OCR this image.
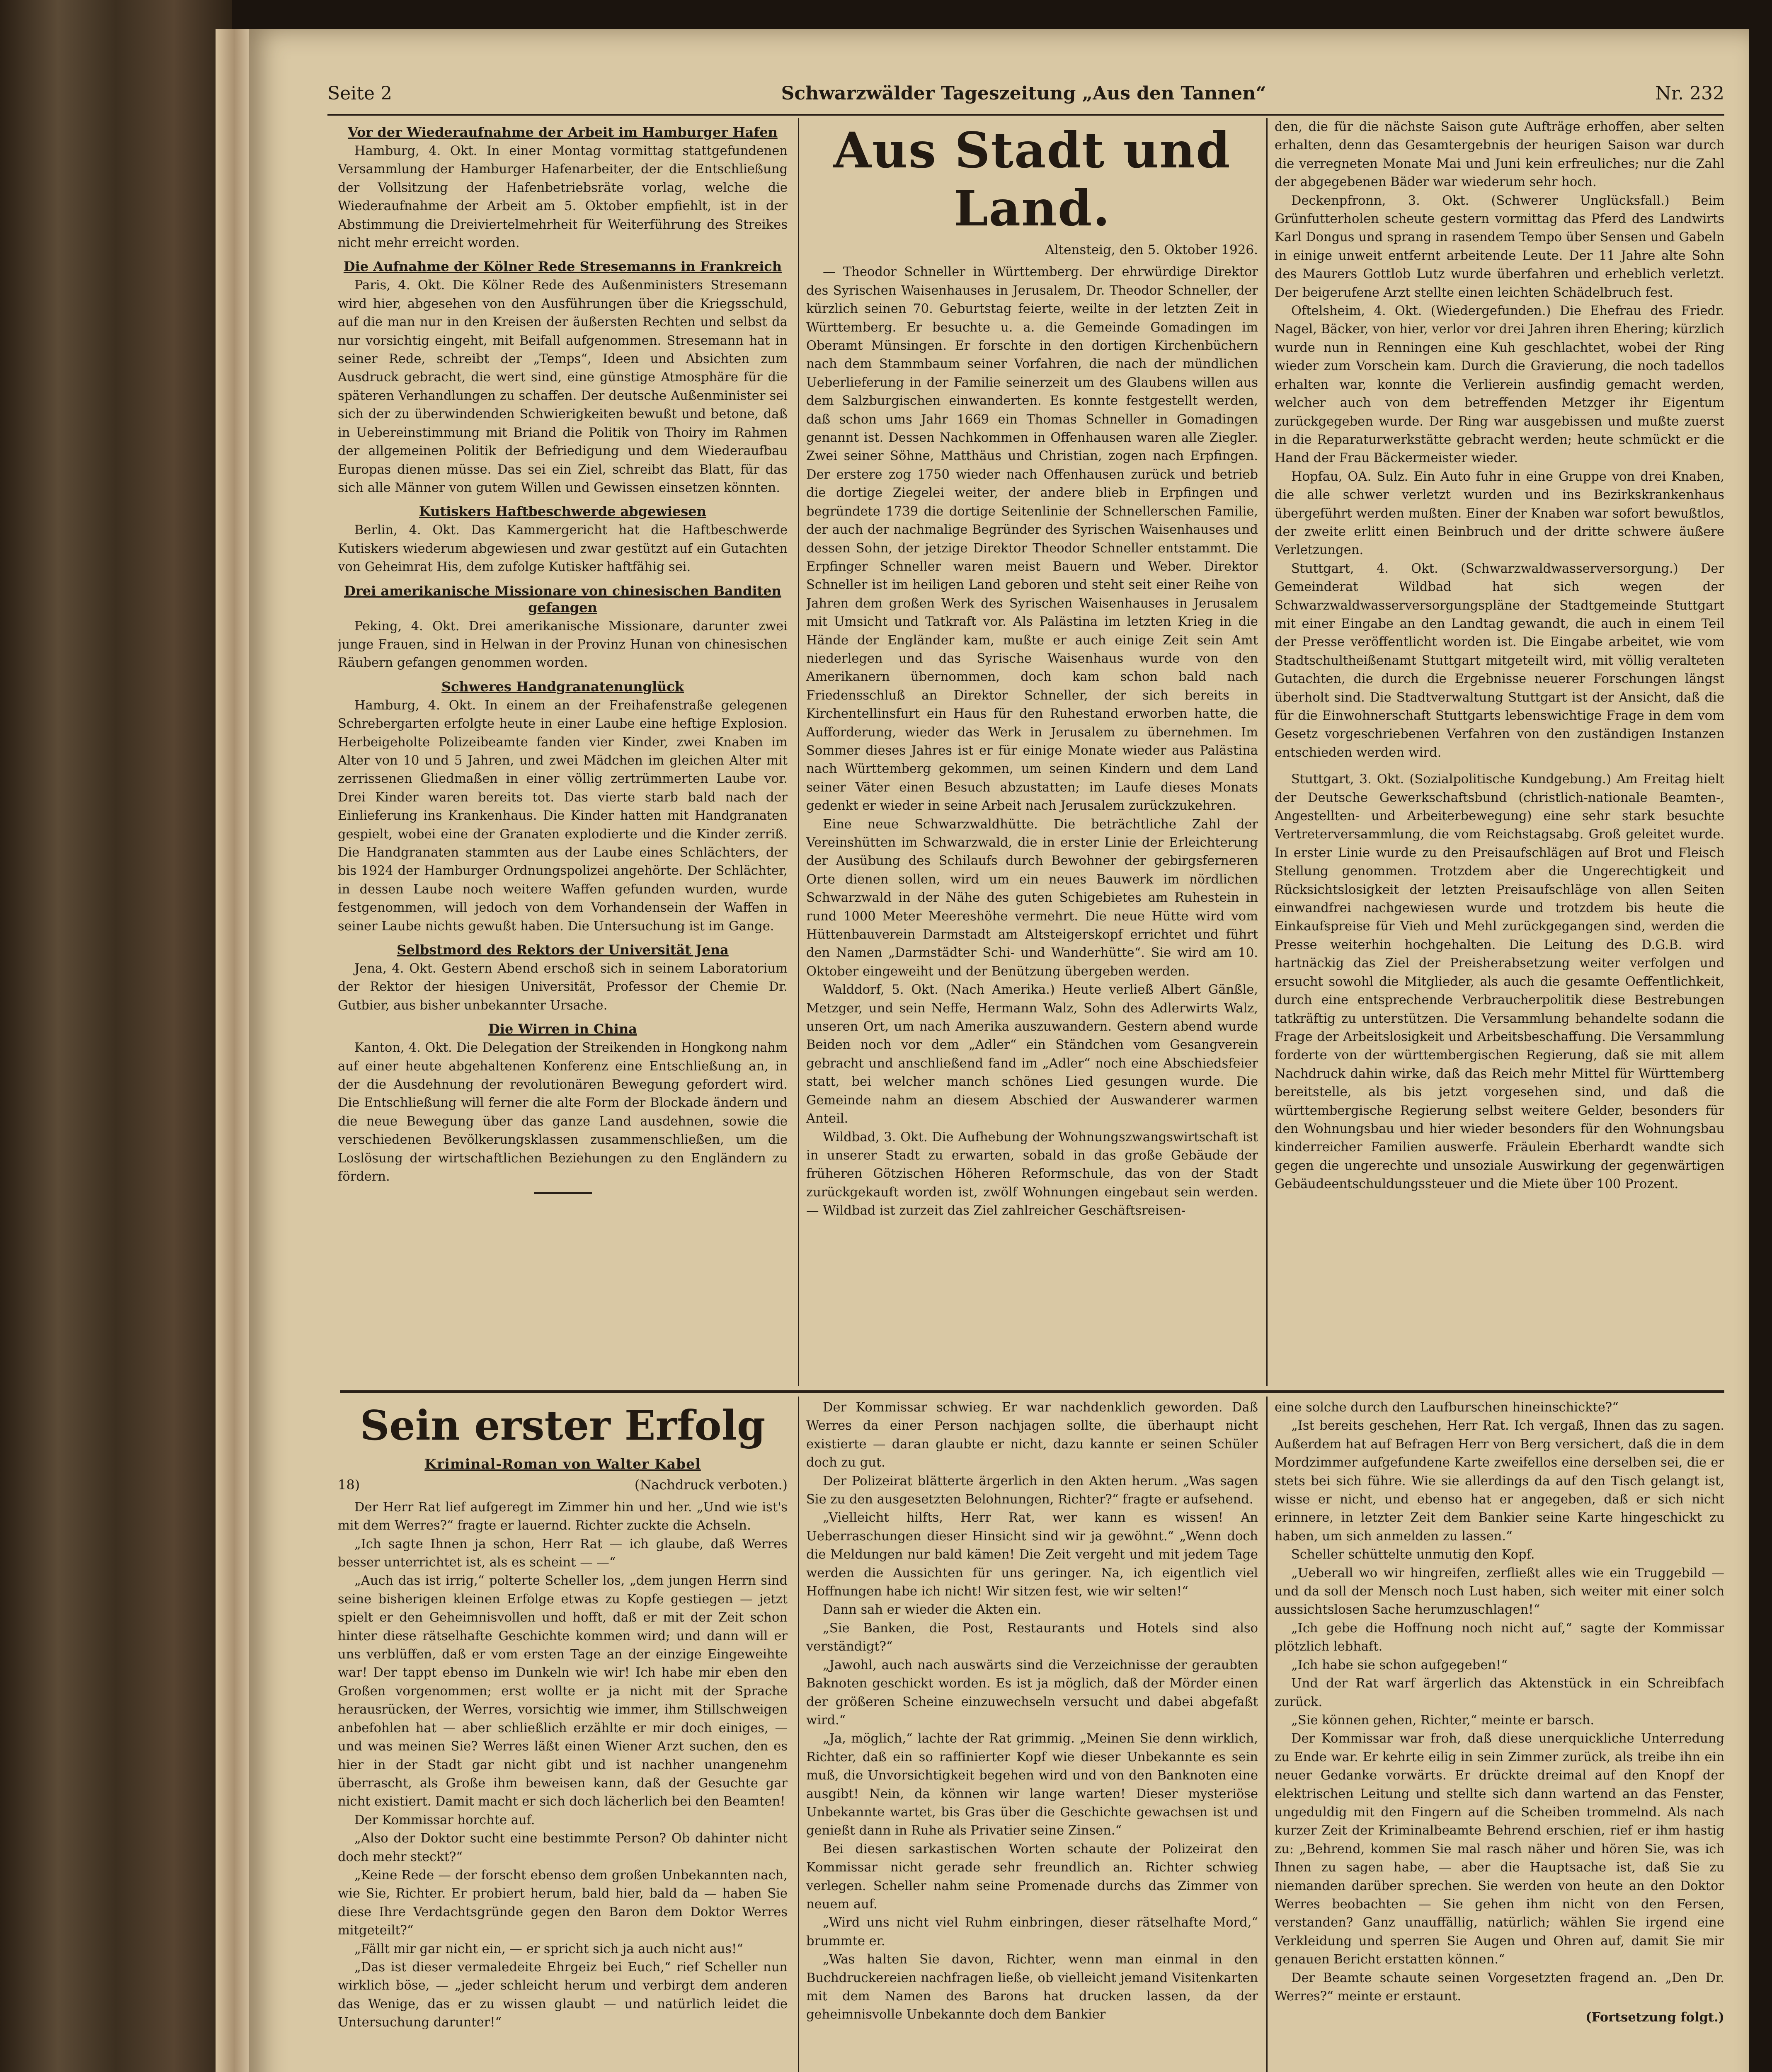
Seite 2	Schwarzwälder Tageszeitung „Aus den Tannen“	Nr. 232
Vor der Wiederaufnahme der Arbeit im Hamburger Hafen

Hamburg, 4. Okt. In einer Montag vormittag stattgefundenen Versammlung der Hamburger Hafenarbeiter, der die Entschließung der Vollsitzung der Hafenbetriebsräte vorlag, welche die Wiederaufnahme der Arbeit am 5. Oktober empfiehlt, ist in der Abstimmung die Dreiviertelmehrheit für Weiterführung des Streikes nicht mehr erreicht worden.

Die Aufnahme der Kölner Rede Stresemanns in Frankreich

Paris, 4. Okt. Die Kölner Rede des Außenministers Stresemann wird hier, abgesehen von den Ausführungen über die Kriegsschuld, auf die man nur in den Kreisen der äußersten Rechten und selbst da nur vorsichtig eingeht, mit Beifall aufgenommen. Stresemann hat in seiner Rede, schreibt der „Temps“, Ideen und Absichten zum Ausdruck gebracht, die wert sind, eine günstige Atmosphäre für die späteren Verhandlungen zu schaffen. Der deutsche Außenminister sei sich der zu überwindenden Schwierigkeiten bewußt und betone, daß in Uebereinstimmung mit Briand die Politik von Thoiry im Rahmen der allgemeinen Politik der Befriedigung und dem Wiederaufbau Europas dienen müsse. Das sei ein Ziel, schreibt das Blatt, für das sich alle Männer von gutem Willen und Gewissen einsetzen könnten.

Kutiskers Haftbeschwerde abgewiesen

Berlin, 4. Okt. Das Kammergericht hat die Haftbeschwerde Kutiskers wiederum abgewiesen und zwar gestützt auf ein Gutachten von Geheimrat His, dem zufolge Kutisker haftfähig sei.

Drei amerikanische Missionare von chinesischen Banditen gefangen

Peking, 4. Okt. Drei amerikanische Missionare, darunter zwei junge Frauen, sind in Helwan in der Provinz Hunan von chinesischen Räubern gefangen genommen worden.

Schweres Handgranatenunglück

Hamburg, 4. Okt. In einem an der Freihafenstraße gelegenen Schrebergarten erfolgte heute in einer Laube eine heftige Explosion. Herbeigeholte Polizeibeamte fanden vier Kinder, zwei Knaben im Alter von 10 und 5 Jahren, und zwei Mädchen im gleichen Alter mit zerrissenen Gliedmaßen in einer völlig zertrümmerten Laube vor. Drei Kinder waren bereits tot. Das vierte starb bald nach der Einlieferung ins Krankenhaus. Die Kinder hatten mit Handgranaten gespielt, wobei eine der Granaten explodierte und die Kinder zerriß. Die Handgranaten stammten aus der Laube eines Schlächters, der bis 1924 der Hamburger Ordnungspolizei angehörte. Der Schlächter, in dessen Laube noch weitere Waffen gefunden wurden, wurde festgenommen, will jedoch von dem Vorhandensein der Waffen in seiner Laube nichts gewußt haben. Die Untersuchung ist im Gange.

Selbstmord des Rektors der Universität Jena

Jena, 4. Okt. Gestern Abend erschoß sich in seinem Laboratorium der Rektor der hiesigen Universität, Professor der Chemie Dr. Gutbier, aus bisher unbekannter Ursache.

Die Wirren in China

Kanton, 4. Okt. Die Delegation der Streikenden in Hongkong nahm auf einer heute abgehaltenen Konferenz eine Entschließung an, in der die Ausdehnung der revolutionären Bewegung gefordert wird. Die Entschließung will ferner die alte Form der Blockade ändern und die neue Bewegung über das ganze Land ausdehnen, sowie die verschiedenen Bevölkerungsklassen zusammenschließen, um die Loslösung der wirtschaftlichen Beziehungen zu den Engländern zu fördern.

Aus Stadt und Land.
Altensteig, den 5. Oktober 1926.

— Theodor Schneller in Württemberg. Der ehrwürdige Direktor des Syrischen Waisenhauses in Jerusalem, Dr. Theodor Schneller, der kürzlich seinen 70. Geburtstag feierte, weilte in der letzten Zeit in Württemberg. Er besuchte u. a. die Gemeinde Gomadingen im Oberamt Münsingen. Er forschte in den dortigen Kirchenbüchern nach dem Stammbaum seiner Vorfahren, die nach der mündlichen Ueberlieferung in der Familie seinerzeit um des Glaubens willen aus dem Salzburgischen einwanderten. Es konnte festgestellt werden, daß schon ums Jahr 1669 ein Thomas Schneller in Gomadingen genannt ist. Dessen Nachkommen in Offenhausen waren alle Ziegler. Zwei seiner Söhne, Matthäus und Christian, zogen nach Erpfingen. Der erstere zog 1750 wieder nach Offenhausen zurück und betrieb die dortige Ziegelei weiter, der andere blieb in Erpfingen und begründete 1739 die dortige Seitenlinie der Schnellerschen Familie, der auch der nachmalige Begründer des Syrischen Waisenhauses und dessen Sohn, der jetzige Direktor Theodor Schneller entstammt. Die Erpfinger Schneller waren meist Bauern und Weber. Direktor Schneller ist im heiligen Land geboren und steht seit einer Reihe von Jahren dem großen Werk des Syrischen Waisenhauses in Jerusalem mit Umsicht und Tatkraft vor. Als Palästina im letzten Krieg in die Hände der Engländer kam, mußte er auch einige Zeit sein Amt niederlegen und das Syrische Waisenhaus wurde von den Amerikanern übernommen, doch kam schon bald nach Friedensschluß an Direktor Schneller, der sich bereits in Kirchentellinsfurt ein Haus für den Ruhestand erworben hatte, die Aufforderung, wieder das Werk in Jerusalem zu übernehmen. Im Sommer dieses Jahres ist er für einige Monate wieder aus Palästina nach Württemberg gekommen, um seinen Kindern und dem Land seiner Väter einen Besuch abzustatten; im Laufe dieses Monats gedenkt er wieder in seine Arbeit nach Jerusalem zurückzukehren.

Eine neue Schwarzwaldhütte. Die beträchtliche Zahl der Vereinshütten im Schwarzwald, die in erster Linie der Erleichterung der Ausübung des Schilaufs durch Bewohner der gebirgsferneren Orte dienen sollen, wird um ein neues Bauwerk im nördlichen Schwarzwald in der Nähe des guten Schigebietes am Ruhestein in rund 1000 Meter Meereshöhe vermehrt. Die neue Hütte wird vom Hüttenbauverein Darmstadt am Altsteigerskopf errichtet und führt den Namen „Darmstädter Schi- und Wanderhütte“. Sie wird am 10. Oktober eingeweiht und der Benützung übergeben werden.

Walddorf, 5. Okt. (Nach Amerika.) Heute verließ Albert Gänßle, Metzger, und sein Neffe, Hermann Walz, Sohn des Adlerwirts Walz, unseren Ort, um nach Amerika auszuwandern. Gestern abend wurde Beiden noch vor dem „Adler“ ein Ständchen vom Gesangverein gebracht und anschließend fand im „Adler“ noch eine Abschiedsfeier statt, bei welcher manch schönes Lied gesungen wurde. Die Gemeinde nahm an diesem Abschied der Auswanderer warmen Anteil.

Wildbad, 3. Okt. Die Aufhebung der Wohnungszwangswirtschaft ist in unserer Stadt zu erwarten, sobald in das große Gebäude der früheren Götzischen Höheren Reformschule, das von der Stadt zurückgekauft worden ist, zwölf Wohnungen eingebaut sein werden. — Wildbad ist zurzeit das Ziel zahlreicher Geschäftsreisen-

den, die für die nächste Saison gute Aufträge erhoffen, aber selten erhalten, denn das Gesamtergebnis der heurigen Saison war durch die verregneten Monate Mai und Juni kein erfreuliches; nur die Zahl der abgegebenen Bäder war wiederum sehr hoch.

Deckenpfronn, 3. Okt. (Schwerer Unglücksfall.) Beim Grünfutterholen scheute gestern vormittag das Pferd des Landwirts Karl Dongus und sprang in rasendem Tempo über Sensen und Gabeln in einige unweit entfernt arbeitende Leute. Der 11 Jahre alte Sohn des Maurers Gottlob Lutz wurde überfahren und erheblich verletzt. Der beigerufene Arzt stellte einen leichten Schädelbruch fest.

Oftelsheim, 4. Okt. (Wiedergefunden.) Die Ehefrau des Friedr. Nagel, Bäcker, von hier, verlor vor drei Jahren ihren Ehering; kürzlich wurde nun in Renningen eine Kuh geschlachtet, wobei der Ring wieder zum Vorschein kam. Durch die Gravierung, die noch tadellos erhalten war, konnte die Verlierein ausfindig gemacht werden, welcher auch von dem betreffenden Metzger ihr Eigentum zurückgegeben wurde. Der Ring war ausgebissen und mußte zuerst in die Reparaturwerkstätte gebracht werden; heute schmückt er die Hand der Frau Bäckermeister wieder.

Hopfau, OA. Sulz. Ein Auto fuhr in eine Gruppe von drei Knaben, die alle schwer verletzt wurden und ins Bezirkskrankenhaus übergeführt werden mußten. Einer der Knaben war sofort bewußtlos, der zweite erlitt einen Beinbruch und der dritte schwere äußere Verletzungen.

Stuttgart, 4. Okt. (Schwarzwaldwasserversorgung.) Der Gemeinderat Wildbad hat sich wegen der Schwarzwaldwasserversorgungspläne der Stadtgemeinde Stuttgart mit einer Eingabe an den Landtag gewandt, die auch in einem Teil der Presse veröffentlicht worden ist. Die Eingabe arbeitet, wie vom Stadtschultheißenamt Stuttgart mitgeteilt wird, mit völlig veralteten Gutachten, die durch die Ergebnisse neuerer Forschungen längst überholt sind. Die Stadtverwaltung Stuttgart ist der Ansicht, daß die für die Einwohnerschaft Stuttgarts lebenswichtige Frage in dem vom Gesetz vorgeschriebenen Verfahren von den zuständigen Instanzen entschieden werden wird.

Stuttgart, 3. Okt. (Sozialpolitische Kundgebung.) Am Freitag hielt der Deutsche Gewerkschaftsbund (christlich-nationale Beamten-, Angestellten- und Arbeiterbewegung) eine sehr stark besuchte Vertreterversammlung, die vom Reichstagsabg. Groß geleitet wurde. In erster Linie wurde zu den Preisaufschlägen auf Brot und Fleisch Stellung genommen. Trotzdem aber die Ungerechtigkeit und Rücksichtslosigkeit der letzten Preisaufschläge von allen Seiten einwandfrei nachgewiesen wurde und trotzdem bis heute die Einkaufspreise für Vieh und Mehl zurückgegangen sind, werden die Presse weiterhin hochgehalten. Die Leitung des D.G.B. wird hartnäckig das Ziel der Preisherabsetzung weiter verfolgen und ersucht sowohl die Mitglieder, als auch die gesamte Oeffentlichkeit, durch eine entsprechende Verbraucherpolitik diese Bestrebungen tatkräftig zu unterstützen. Die Versammlung behandelte sodann die Frage der Arbeitslosigkeit und Arbeitsbeschaffung. Die Versammlung forderte von der württembergischen Regierung, daß sie mit allem Nachdruck dahin wirke, daß das Reich mehr Mittel für Württemberg bereitstelle, als bis jetzt vorgesehen sind, und daß die württembergische Regierung selbst weitere Gelder, besonders für den Wohnungsbau und hier wieder besonders für den Wohnungsbau kinderreicher Familien auswerfe. Fräulein Eberhardt wandte sich gegen die ungerechte und unsoziale Auswirkung der gegenwärtigen Gebäudeentschuldungssteuer und die Miete über 100 Prozent.

Sein erster Erfolg
Kriminal-Roman von Walter Kabel
18)	(Nachdruck verboten.)

Der Herr Rat lief aufgeregt im Zimmer hin und her. „Und wie ist's mit dem Werres?“ fragte er lauernd. Richter zuckte die Achseln.

„Ich sagte Ihnen ja schon, Herr Rat — ich glaube, daß Werres besser unterrichtet ist, als es scheint — —“

„Auch das ist irrig,“ polterte Scheller los, „dem jungen Herrn sind seine bisherigen kleinen Erfolge etwas zu Kopfe gestiegen — jetzt spielt er den Geheimnisvollen und hofft, daß er mit der Zeit schon hinter diese rätselhafte Geschichte kommen wird; und dann will er uns verblüffen, daß er vom ersten Tage an der einzige Eingeweihte war! Der tappt ebenso im Dunkeln wie wir! Ich habe mir eben den Großen vorgenommen; erst wollte er ja nicht mit der Sprache herausrücken, der Werres, vorsichtig wie immer, ihm Stillschweigen anbefohlen hat — aber schließlich erzählte er mir doch einiges, — und was meinen Sie? Werres läßt einen Wiener Arzt suchen, den es hier in der Stadt gar nicht gibt und ist nachher unangenehm überrascht, als Große ihm beweisen kann, daß der Gesuchte gar nicht existiert. Damit macht er sich doch lächerlich bei den Beamten!

Der Kommissar horchte auf.

„Also der Doktor sucht eine bestimmte Person? Ob dahinter nicht doch mehr steckt?“

„Keine Rede — der forscht ebenso dem großen Unbekannten nach, wie Sie, Richter. Er probiert herum, bald hier, bald da — haben Sie diese Ihre Verdachtsgründe gegen den Baron dem Doktor Werres mitgeteilt?“

„Fällt mir gar nicht ein, — er spricht sich ja auch nicht aus!“

„Das ist dieser vermaledeite Ehrgeiz bei Euch,“ rief Scheller nun wirklich böse, — „jeder schleicht herum und verbirgt dem anderen das Wenige, das er zu wissen glaubt — und natürlich leidet die Untersuchung darunter!“

Der Kommissar schwieg. Er war nachdenklich geworden. Daß Werres da einer Person nachjagen sollte, die überhaupt nicht existierte — daran glaubte er nicht, dazu kannte er seinen Schüler doch zu gut.

Der Polizeirat blätterte ärgerlich in den Akten herum. „Was sagen Sie zu den ausgesetzten Belohnungen, Richter?“ fragte er aufsehend.

„Vielleicht hilfts, Herr Rat, wer kann es wissen! An Ueberraschungen dieser Hinsicht sind wir ja gewöhnt.“ „Wenn doch die Meldungen nur bald kämen! Die Zeit vergeht und mit jedem Tage werden die Aussichten für uns geringer. Na, ich eigentlich viel Hoffnungen habe ich nicht! Wir sitzen fest, wie wir selten!“

Dann sah er wieder die Akten ein.

„Sie Banken, die Post, Restaurants und Hotels sind also verständigt?“

„Jawohl, auch nach auswärts sind die Verzeichnisse der geraubten Baknoten geschickt worden. Es ist ja möglich, daß der Mörder einen der größeren Scheine einzuwechseln versucht und dabei abgefaßt wird.“

„Ja, möglich,“ lachte der Rat grimmig. „Meinen Sie denn wirklich, Richter, daß ein so raffinierter Kopf wie dieser Unbekannte es sein muß, die Unvorsichtigkeit begehen wird und von den Banknoten eine ausgibt! Nein, da können wir lange warten! Dieser mysteriöse Unbekannte wartet, bis Gras über die Geschichte gewachsen ist und genießt dann in Ruhe als Privatier seine Zinsen.“

Bei diesen sarkastischen Worten schaute der Polizeirat den Kommissar nicht gerade sehr freundlich an. Richter schwieg verlegen. Scheller nahm seine Promenade durchs das Zimmer von neuem auf.

„Wird uns nicht viel Ruhm einbringen, dieser rätselhafte Mord,“ brummte er.

„Was halten Sie davon, Richter, wenn man einmal in den Buchdruckereien nachfragen ließe, ob vielleicht jemand Visitenkarten mit dem Namen des Barons hat drucken lassen, da der geheimnisvolle Unbekannte doch dem Bankier

eine solche durch den Laufburschen hineinschickte?“

„Ist bereits geschehen, Herr Rat. Ich vergaß, Ihnen das zu sagen. Außerdem hat auf Befragen Herr von Berg versichert, daß die in dem Mordzimmer aufgefundene Karte zweifellos eine derselben sei, die er stets bei sich führe. Wie sie allerdings da auf den Tisch gelangt ist, wisse er nicht, und ebenso hat er angegeben, daß er sich nicht erinnere, in letzter Zeit dem Bankier seine Karte hingeschickt zu haben, um sich anmelden zu lassen.“

Scheller schüttelte unmutig den Kopf.

„Ueberall wo wir hingreifen, zerfließt alles wie ein Truggebild — und da soll der Mensch noch Lust haben, sich weiter mit einer solch aussichtslosen Sache herumzuschlagen!“

„Ich gebe die Hoffnung noch nicht auf,“ sagte der Kommissar plötzlich lebhaft.

„Ich habe sie schon aufgegeben!“

Und der Rat warf ärgerlich das Aktenstück in ein Schreibfach zurück.

„Sie können gehen, Richter,“ meinte er barsch.

Der Kommissar war froh, daß diese unerquickliche Unterredung zu Ende war. Er kehrte eilig in sein Zimmer zurück, als treibe ihn ein neuer Gedanke vorwärts. Er drückte dreimal auf den Knopf der elektrischen Leitung und stellte sich dann wartend an das Fenster, ungeduldig mit den Fingern auf die Scheiben trommelnd. Als nach kurzer Zeit der Kriminalbeamte Behrend erschien, rief er ihm hastig zu: „Behrend, kommen Sie mal rasch näher und hören Sie, was ich Ihnen zu sagen habe, — aber die Hauptsache ist, daß Sie zu niemanden darüber sprechen. Sie werden von heute an den Doktor Werres beobachten — Sie gehen ihm nicht von den Fersen, verstanden? Ganz unauffällig, natürlich; wählen Sie irgend eine Verkleidung und sperren Sie Augen und Ohren auf, damit Sie mir genauen Bericht erstatten können.“

Der Beamte schaute seinen Vorgesetzten fragend an. „Den Dr. Werres?“ meinte er erstaunt.

(Fortsetzung folgt.)
